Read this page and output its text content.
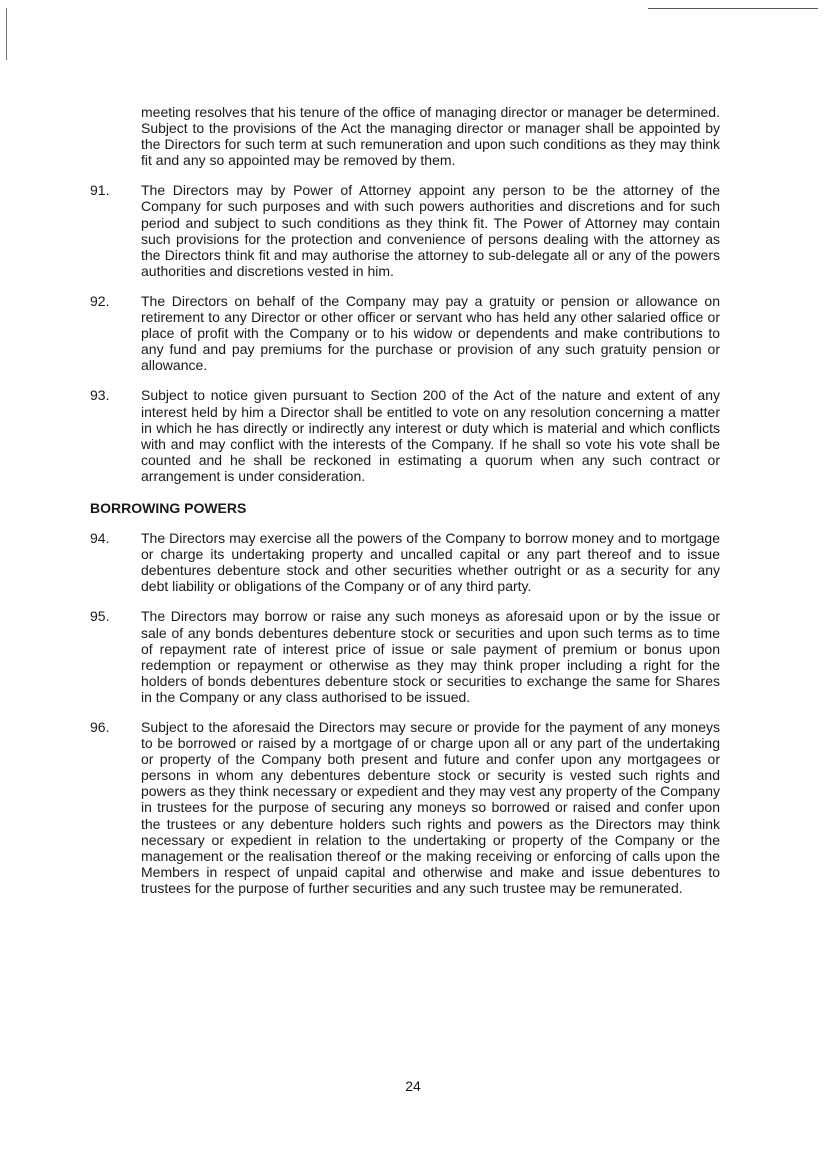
meeting resolves that his tenure of the office of managing director or manager be determined. Subject to the provisions of the Act the managing director or manager shall be appointed by the Directors for such term at such remuneration and upon such conditions as they may think fit and any so appointed may be removed by them.
91.	The Directors may by Power of Attorney appoint any person to be the attorney of the Company for such purposes and with such powers authorities and discretions and for such period and subject to such conditions as they think fit. The Power of Attorney may contain such provisions for the protection and convenience of persons dealing with the attorney as the Directors think fit and may authorise the attorney to sub-delegate all or any of the powers authorities and discretions vested in him.
92.	The Directors on behalf of the Company may pay a gratuity or pension or allowance on retirement to any Director or other officer or servant who has held any other salaried office or place of profit with the Company or to his widow or dependents and make contributions to any fund and pay premiums for the purchase or provision of any such gratuity pension or allowance.
93.	Subject to notice given pursuant to Section 200 of the Act of the nature and extent of any interest held by him a Director shall be entitled to vote on any resolution concerning a matter in which he has directly or indirectly any interest or duty which is material and which conflicts with and may conflict with the interests of the Company. If he shall so vote his vote shall be counted and he shall be reckoned in estimating a quorum when any such contract or arrangement is under consideration.
BORROWING POWERS
94.	The Directors may exercise all the powers of the Company to borrow money and to mortgage or charge its undertaking property and uncalled capital or any part thereof and to issue debentures debenture stock and other securities whether outright or as a security for any debt liability or obligations of the Company or of any third party.
95.	The Directors may borrow or raise any such moneys as aforesaid upon or by the issue or sale of any bonds debentures debenture stock or securities and upon such terms as to time of repayment rate of interest price of issue or sale payment of premium or bonus upon redemption or repayment or otherwise as they may think proper including a right for the holders of bonds debentures debenture stock or securities to exchange the same for Shares in the Company or any class authorised to be issued.
96.	Subject to the aforesaid the Directors may secure or provide for the payment of any moneys to be borrowed or raised by a mortgage of or charge upon all or any part of the undertaking or property of the Company both present and future and confer upon any mortgagees or persons in whom any debentures debenture stock or security is vested such rights and powers as they think necessary or expedient and they may vest any property of the Company in trustees for the purpose of securing any moneys so borrowed or raised and confer upon the trustees or any debenture holders such rights and powers as the Directors may think necessary or expedient in relation to the undertaking or property of the Company or the management or the realisation thereof or the making receiving or enforcing of calls upon the Members in respect of unpaid capital and otherwise and make and issue debentures to trustees for the purpose of further securities and any such trustee may be remunerated.
24
